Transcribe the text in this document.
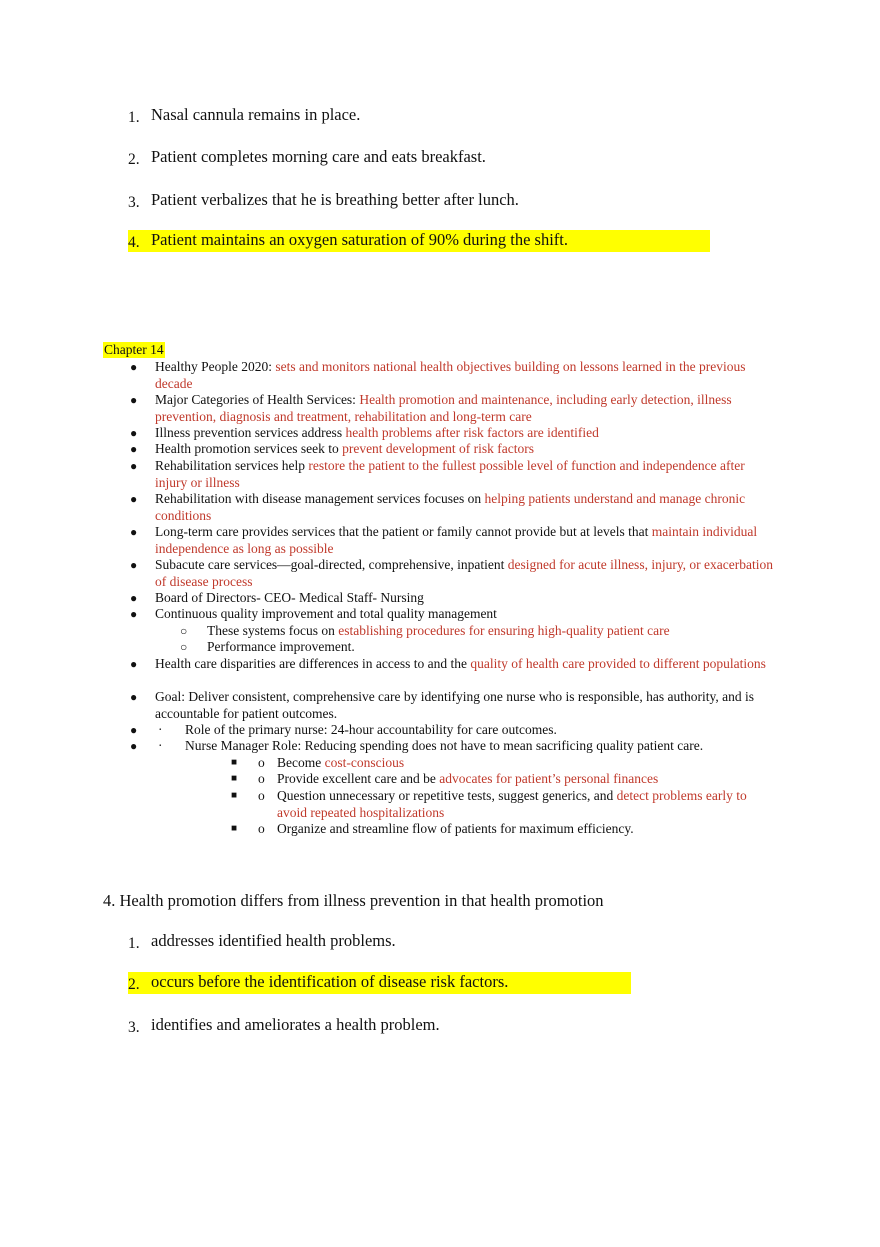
1. Nasal cannula remains in place.
2. Patient completes morning care and eats breakfast.
3. Patient verbalizes that he is breathing better after lunch.
4. Patient maintains an oxygen saturation of 90% during the shift.
Chapter 14
● Healthy People 2020: sets and monitors national health objectives building on lessons learned in the previous decade
● Major Categories of Health Services: Health promotion and maintenance, including early detection, illness prevention, diagnosis and treatment, rehabilitation and long-term care
● Illness prevention services address health problems after risk factors are identified
● Health promotion services seek to prevent development of risk factors
● Rehabilitation services help restore the patient to the fullest possible level of function and independence after injury or illness
● Rehabilitation with disease management services focuses on helping patients understand and manage chronic conditions
● Long-term care provides services that the patient or family cannot provide but at levels that maintain individual independence as long as possible
● Subacute care services—goal-directed, comprehensive, inpatient designed for acute illness, injury, or exacerbation of disease process
● Board of Directors- CEO- Medical Staff- Nursing
● Continuous quality improvement and total quality management
○ These systems focus on establishing procedures for ensuring high-quality patient care
○ Performance improvement.
● Health care disparities are differences in access to and the quality of health care provided to different populations
● Goal: Deliver consistent, comprehensive care by identifying one nurse who is responsible, has authority, and is accountable for patient outcomes.
● · Role of the primary nurse: 24-hour accountability for care outcomes.
● · Nurse Manager Role: Reducing spending does not have to mean sacrificing quality patient care.
■ o Become cost-conscious
■ o Provide excellent care and be advocates for patient’s personal finances
■ o Question unnecessary or repetitive tests, suggest generics, and detect problems early to avoid repeated hospitalizations
■ o Organize and streamline flow of patients for maximum efficiency.
4. Health promotion differs from illness prevention in that health promotion
1. addresses identified health problems.
2. occurs before the identification of disease risk factors.
3. identifies and ameliorates a health problem.
